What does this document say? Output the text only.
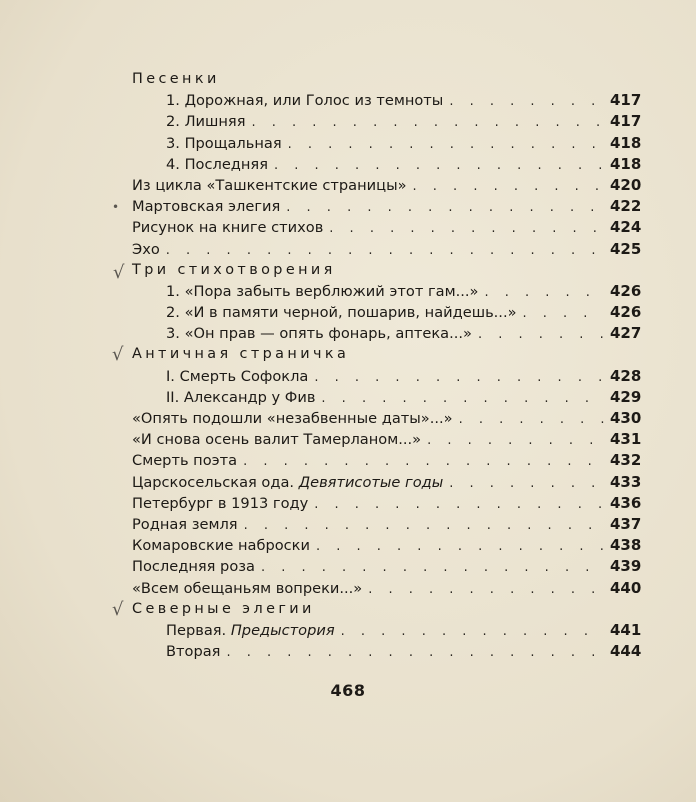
•
√
√
√
Песенки
1. Дорожная, или Голос из темноты . . .	417
2. Лишняя . . .	417
3. Прощальная . . .	418
4. Последняя . . .	418
Из цикла «Ташкентские страницы» . . .	420
Мартовская элегия . . .	422
Рисунок на книге стихов . . .	424
Эхо . . .	425
Три стихотворения
1. «Пора забыть верблюжий этот гам...» . . .	426
2. «И в памяти черной, пошарив, найдешь...» . . .	426
3. «Он прав — опять фонарь, аптека...» . . .	427
Античная страничка
I. Смерть Софокла . . .	428
II. Александр у Фив . . .	429
«Опять подошли «незабвенные даты»...» . . .	430
«И снова осень валит Тамерланом...» . . .	431
Смерть поэта . . .	432
Царскосельская ода. Девятисотые годы . . .	433
Петербург в 1913 году . . .	436
Родная земля . . .	437
Комаровские наброски . . .	438
Последняя роза . . .	439
«Всем обещаньям вопреки...» . . .	440
Северные элегии
Первая. Предыстория . . .	441
Вторая . . .	444
468
